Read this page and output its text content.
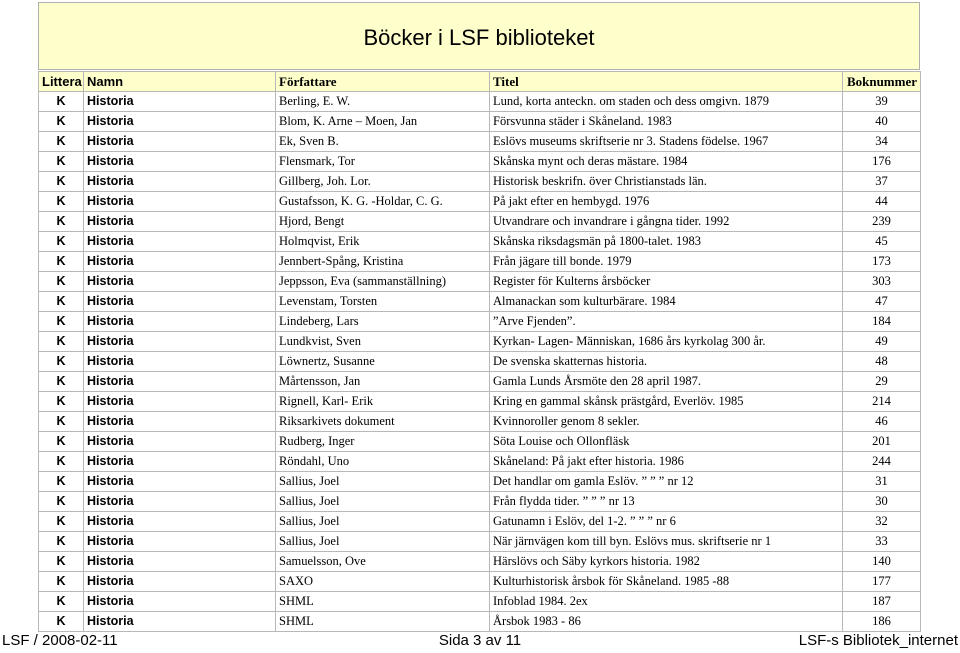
Böcker i LSF biblioteket
Littera	Namn	Författare	Titel	Boknummer
K	Historia	Berling, E. W.	Lund, korta anteckn. om staden och dess omgivn. 1879	39
K	Historia	Blom, K. Arne – Moen, Jan	Försvunna städer i Skåneland. 1983	40
K	Historia	Ek, Sven B.	Eslövs museums skriftserie nr 3. Stadens födelse. 1967	34
K	Historia	Flensmark, Tor	Skånska mynt och deras mästare. 1984	176
K	Historia	Gillberg, Joh. Lor.	Historisk beskrifn. över Christianstads län.	37
K	Historia	Gustafsson, K. G. -Holdar, C. G.	På jakt efter en hembygd. 1976	44
K	Historia	Hjord, Bengt	Utvandrare och invandrare i gångna tider. 1992	239
K	Historia	Holmqvist, Erik	Skånska riksdagsmän på 1800-talet. 1983	45
K	Historia	Jennbert-Spång, Kristina	Från jägare till bonde. 1979	173
K	Historia	Jeppsson, Eva (sammanställning)	Register för Kulterns årsböcker	303
K	Historia	Levenstam, Torsten	Almanackan som kulturbärare. 1984	47
K	Historia	Lindeberg, Lars	”Arve Fjenden”.	184
K	Historia	Lundkvist, Sven	Kyrkan- Lagen- Människan, 1686 års kyrkolag 300 år.	49
K	Historia	Löwnertz, Susanne	De svenska skatternas historia.	48
K	Historia	Mårtensson, Jan	Gamla Lunds Årsmöte den 28 april 1987.	29
K	Historia	Rignell, Karl- Erik	Kring en gammal skånsk prästgård, Everlöv. 1985	214
K	Historia	Riksarkivets dokument	Kvinnoroller genom 8 sekler.	46
K	Historia	Rudberg, Inger	Söta Louise och Ollonfläsk	201
K	Historia	Röndahl, Uno	Skåneland: På jakt efter historia. 1986	244
K	Historia	Sallius, Joel	Det handlar om gamla Eslöv. ” ” ” nr 12	31
K	Historia	Sallius, Joel	Från flydda tider. ” ” ” nr 13	30
K	Historia	Sallius, Joel	Gatunamn i Eslöv, del 1-2. ” ” ” nr 6	32
K	Historia	Sallius, Joel	När järnvägen kom till byn. Eslövs mus. skriftserie nr 1	33
K	Historia	Samuelsson, Ove	Härslövs och Säby kyrkors historia. 1982	140
K	Historia	SAXO	Kulturhistorisk årsbok för Skåneland. 1985 -88	177
K	Historia	SHML	Infoblad 1984. 2ex	187
K	Historia	SHML	Årsbok 1983 - 86	186
LSF / 2008-02-11	Sida 3 av 11	LSF-s Bibliotek_internet
